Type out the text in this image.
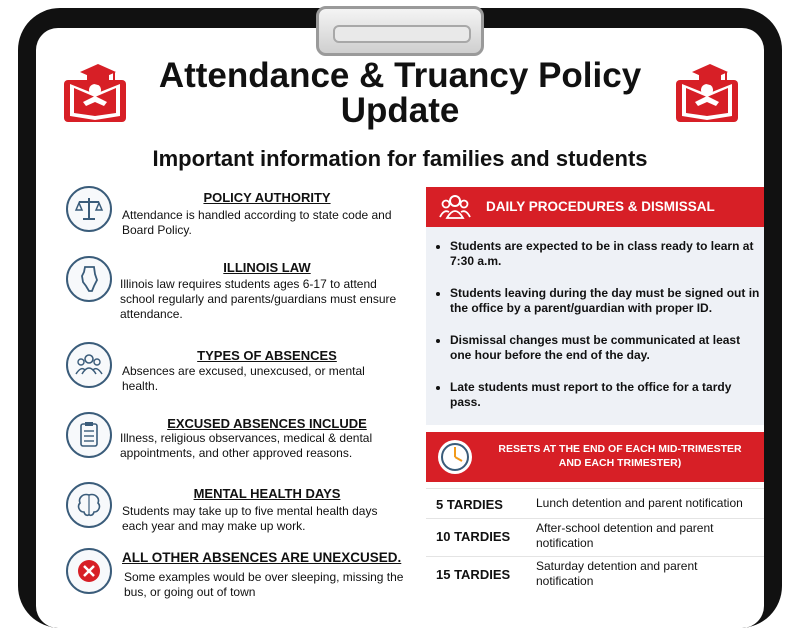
Attendance & Truancy Policy Update
Important information for families and students
POLICY AUTHORITY
Attendance is handled according to state code and Board Policy.
ILLINOIS LAW
Illinois law requires students ages 6-17 to attend school regularly and parents/guardians must ensure attendance.
TYPES OF ABSENCES
Absences are excused, unexcused, or mental health.
EXCUSED ABSENCES INCLUDE
Illness, religious observances, medical & dental appointments, and other approved reasons.
MENTAL HEALTH DAYS
Students may take up to five mental health days each year and may make up work.
ALL OTHER ABSENCES ARE UNEXCUSED.
Some examples would be over sleeping, missing the bus, or going out of town
DAILY PROCEDURES & DISMISSAL
• Students are expected to be in class ready to learn at 7:30 a.m.
• Students leaving during the day must be signed out in the office by a parent/guardian with proper ID.
• Dismissal changes must be communicated at least one hour before the end of the day.
• Late students must report to the office for a tardy pass.
RESETS AT THE END OF EACH MID-TRIMESTER AND EACH TRIMESTER)
5 TARDIES	Lunch detention and parent notification
10 TARDIES
After-school detention and parent notification
15 TARDIES
Saturday detention and parent notification
